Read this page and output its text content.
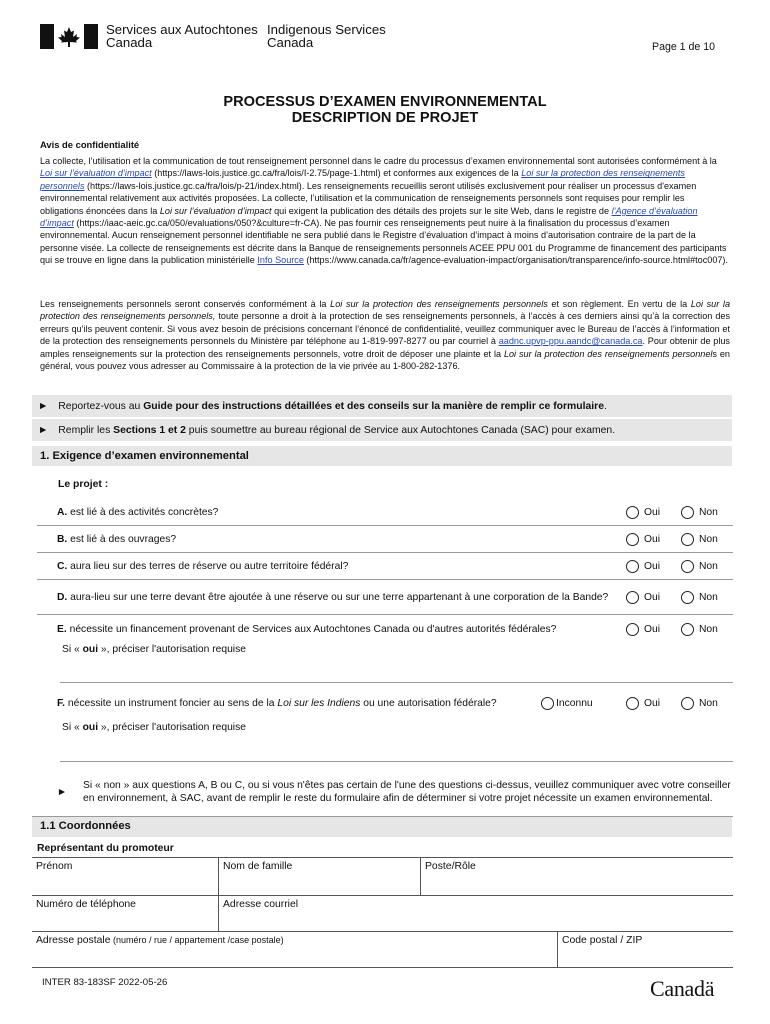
Services aux Autochtones
Canada
Indigenous Services
Canada	Page 1 de 10
PROCESSUS D’EXAMEN ENVIRONNEMENTAL
DESCRIPTION DE PROJET
Avis de confidentialité

La collecte, l’utilisation et la communication de tout renseignement personnel dans le cadre du processus d’examen environnemental sont autorisées conformément à la Loi sur l’évaluation d’impact (https://laws-lois.justice.gc.ca/fra/lois/I-2.75/page-1.html) et conformes aux exigences de la Loi sur la protection des renseignements personnels (https://laws-lois.justice.gc.ca/fra/lois/p-21/index.html). Les renseignements recueillis seront utilisés exclusivement pour réaliser un processus d'examen environnemental relativement aux activités proposées. La collecte, l’utilisation et la communication de renseignements personnels sont requises pour remplir les obligations énoncées dans la Loi sur l’évaluation d’impact qui exigent la publication des détails des projets sur le site Web, dans le registre de l’Agence d’évaluation d’impact (https://iaac-aeic.gc.ca/050/evaluations/050?&culture=fr-CA). Ne pas fournir ces renseignements peut nuire à la finalisation du processus d’examen environnemental. Aucun renseignement personnel identifiable ne sera publié dans le Registre d’évaluation d’impact à moins d’autorisation contraire de la part de la personne visée. La collecte de renseignements est décrite dans la Banque de renseignements personnels ACEE PPU 001 du Programme de financement des participants qui se trouve en ligne dans la publication ministérielle Info Source (https://www.canada.ca/fr/agence-evaluation-impact/organisation/transparence/info-source.html#toc007).

Les renseignements personnels seront conservés conformément à la Loi sur la protection des renseignements personnels et son règlement. En vertu de la Loi sur la protection des renseignements personnels, toute personne a droit à la protection de ses renseignements personnels, à l’accès à ces derniers ainsi qu’à la correction des erreurs qu’ils peuvent contenir. Si vous avez besoin de précisions concernant l’énoncé de confidentialité, veuillez communiquer avec le Bureau de l’accès à l’information et de la protection des renseignements personnels du Ministère par téléphone au 1-819-997-8277 ou par courriel à aadnc.upvp-ppu.aandc@canada.ca. Pour obtenir de plus amples renseignements sur la protection des renseignements personnels, votre droit de déposer une plainte et la Loi sur la protection des renseignements personnels en général, vous pouvez vous adresser au Commissaire à la protection de la vie privée au 1-800-282-1376.

► Reportez-vous au Guide pour des instructions détaillées et des conseils sur la manière de remplir ce formulaire.
► Remplir les Sections 1 et 2 puis soumettre au bureau régional de Service aux Autochtones Canada (SAC) pour examen.
1. Exigence d’examen environnemental
Le projet :
A. est lié à des activités concrètes?	Oui	Non
B. est lié à des ouvrages?	Oui	Non
C. aura lieu sur des terres de réserve ou autre territoire fédéral?	Oui	Non
D. aura-lieu sur une terre devant être ajoutée à une réserve ou sur une terre appartenant à une corporation de la Bande?	Oui	Non
E. nécessite un financement provenant de Services aux Autochtones Canada ou d'autres autorités fédérales?	Oui	Non
Si « oui », préciser l'autorisation requise
F. nécessite un instrument foncier au sens de la Loi sur les Indiens ou une autorisation fédérale?	Inconnu	Oui	Non
Si « oui », préciser l'autorisation requise
►
Si « non » aux questions A, B ou C, ou si vous n'êtes pas certain de l'une des questions ci-dessus, veuillez communiquer avec votre conseiller en environnement, à SAC, avant de remplir le reste du formulaire afin de déterminer si votre projet nécessite un examen environnemental.
1.1 Coordonnées
Représentant du promoteur
Prénom	Nom de famille	Poste/Rôle
Numéro de téléphone	Adresse courriel
Adresse postale (numéro / rue / appartement /case postale)	Code postal / ZIP
INTER 83-183SF 2022-05-26	Canadä
